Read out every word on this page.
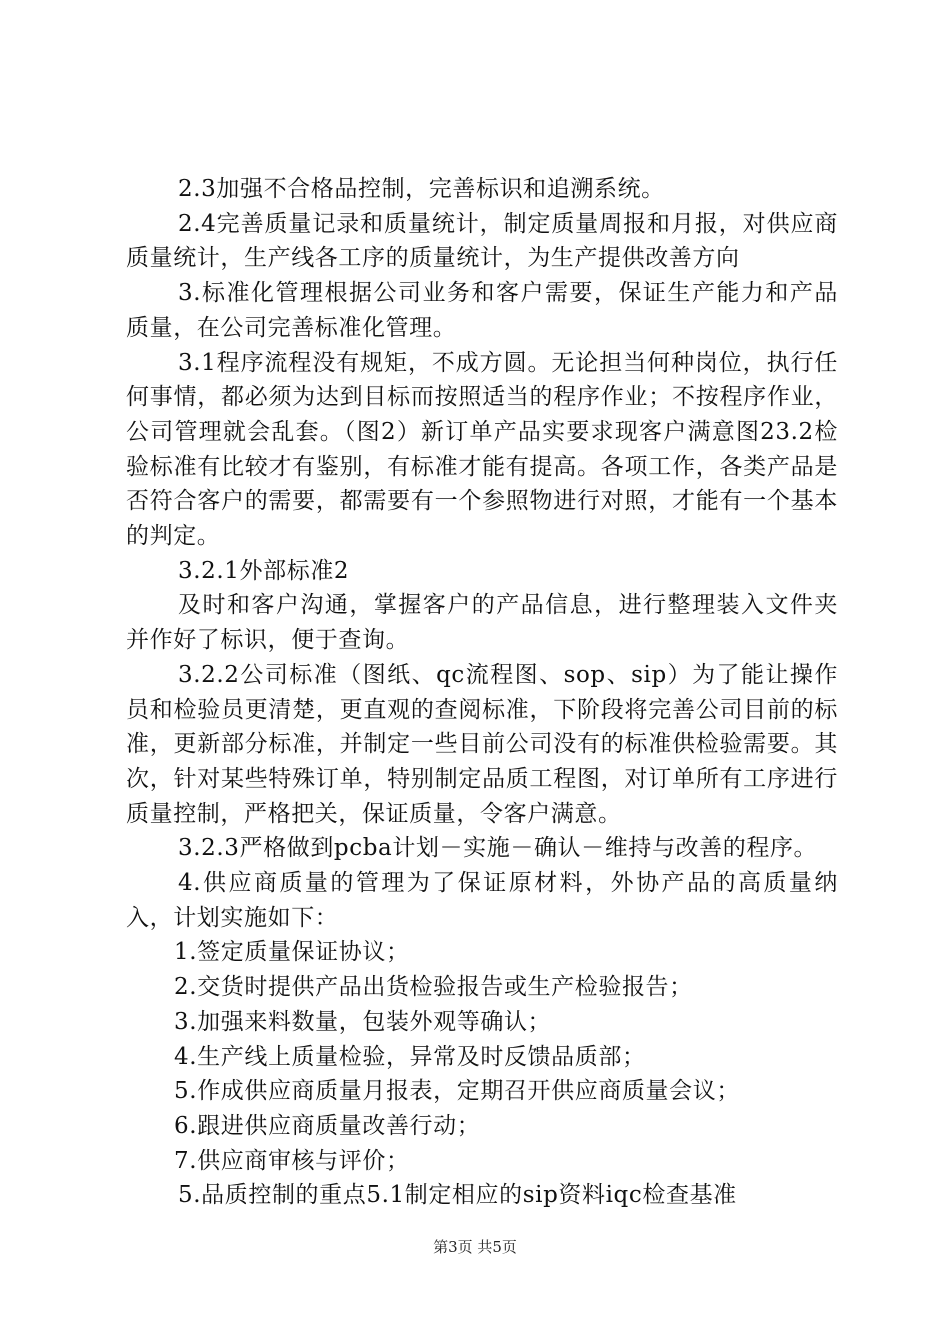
2.3加强不合格品控制，完善标识和追溯系统。

2.4完善质量记录和质量统计，制定质量周报和月报，对供应商质量统计，生产线各工序的质量统计，为生产提供改善方向

3.标准化管理根据公司业务和客户需要，保证生产能力和产品质量，在公司完善标准化管理。

3.1程序流程没有规矩，不成方圆。无论担当何种岗位，执行任何事情，都必须为达到目标而按照适当的程序作业；不按程序作业，公司管理就会乱套。（图2）新订单产品实要求现客户满意图23.2检验标准有比较才有鉴别，有标准才能有提高。各项工作，各类产品是否符合客户的需要，都需要有一个参照物进行对照，才能有一个基本的判定。

3.2.1外部标准2

及时和客户沟通，掌握客户的产品信息，进行整理装入文件夹并作好了标识，便于查询。

3.2.2公司标准（图纸、qc流程图、sop、sip）为了能让操作员和检验员更清楚，更直观的查阅标准，下阶段将完善公司目前的标准，更新部分标准，并制定一些目前公司没有的标准供检验需要。其次，针对某些特殊订单，特别制定品质工程图，对订单所有工序进行质量控制，严格把关，保证质量，令客户满意。

3.2.3严格做到pcba计划－实施－确认－维持与改善的程序。

4.供应商质量的管理为了保证原材料，外协产品的高质量纳入，计划实施如下：

1.签定质量保证协议；

2.交货时提供产品出货检验报告或生产检验报告；

3.加强来料数量，包装外观等确认；

4.生产线上质量检验，异常及时反馈品质部；

5.作成供应商质量月报表，定期召开供应商质量会议；

6.跟进供应商质量改善行动；

7.供应商审核与评价；

5.品质控制的重点5.1制定相应的sip资料iqc检查基准

第3页 共5页
